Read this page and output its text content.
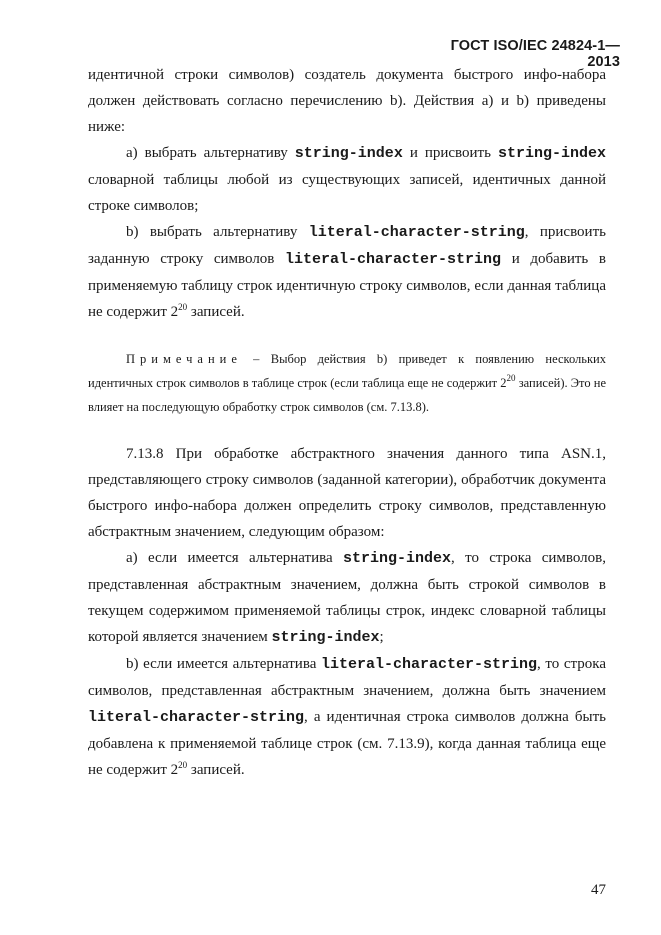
ГОСТ ISO/IEC 24824-1—2013

идентичной строки символов) создатель документа быстрого инфо-набора должен действовать согласно перечислению b). Действия a) и b) приведены ниже:

a) выбрать альтернативу string-index и присвоить string-index словарной таблицы любой из существующих записей, идентичных данной строке символов;

b) выбрать альтернативу literal-character-string, присвоить заданную строку символов literal-character-string и добавить в применяемую таблицу строк идентичную строку символов, если данная таблица не содержит $2^{20}$ записей.

Примечание – Выбор действия b) приведет к появлению нескольких идентичных строк символов в таблице строк (если таблица еще не содержит $2^{20}$ записей). Это не влияет на последующую обработку строк символов (см. 7.13.8).

7.13.8 При обработке абстрактного значения данного типа ASN.1, представляющего строку символов (заданной категории), обработчик документа быстрого инфо-набора должен определить строку символов, представленную абстрактным значением, следующим образом:

a) если имеется альтернатива string-index, то строка символов, представленная абстрактным значением, должна быть строкой символов в текущем содержимом применяемой таблицы строк, индекс словарной таблицы которой является значением string-index;

b) если имеется альтернатива literal-character-string, то строка символов, представленная абстрактным значением, должна быть значением literal-character-string, а идентичная строка символов должна быть добавлена к применяемой таблице строк (см. 7.13.9), когда данная таблица еще не содержит $2^{20}$ записей.

47
